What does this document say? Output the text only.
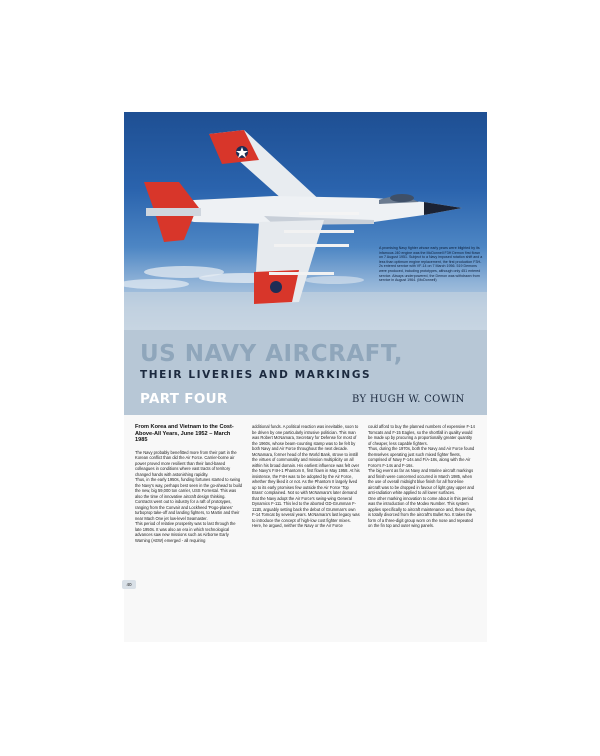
A promising Navy fighter whose early years were blighted by its infamous J40 engine was the McDonnell F3H Demon first flown on 7 August 1951. Subject to a Navy imposed rotation shift and a less than optimum engine replacement, the first production F3H-2s entered service with VF-14 on 7 March 1956. 519 Demons were produced, including prototypes, although only 451 entered service. Always underpowered, the Demon was withdrawn from service in August 1964. (McDonnell)
US NAVY AIRCRAFT,
THEIR LIVERIES AND MARKINGS
PART FOUR	BY HUGH W. COWIN
From Korea and Vietnam to the Cost-Above-All Years, June 1952 – March 1985

The Navy probably benefitted more from their part in the Korean conflict than did the Air Force. Carrier-borne air power proved more resilient than their land-based colleagues in conditions where vast tracts of territory changed hands with astonishing rapidity.

Thus, in the early 1950s, funding fortunes started to swing the Navy's way, perhaps best seen in the go-ahead to build the new, big 59,000 ton carrier, USS Forrestal. This was also the time of innovative aircraft design thinking. Contracts went out to industry for a raft of prototypes, ranging from the Convair and Lockheed 'Pogo-planes' turboprop take-off and landing fighters, to Martin and their near Mach One jet low-level Seamaster.

This period of relative prosperity was to last through the late 1950s. It was also an era in which technological advances saw new missions such as Airborne Early Warning (AEW) emerged - all requiring

additional funds. A political reaction was inevitable, soon to be driven by one particularly intrusive politician. This man was Robert McNamara, Secretary for Defense for most of the 1960s, whose beam-counting stamp was to be felt by both Navy and Air Force throughout the next decade. McNamara, former head of the World Bank, strove to instill the virtues of commonality and mission multiplicity on all within his broad domain. His earliest influence was felt over the Navy's F4H-1 Phantom II, first flown in May 1958. At his insistence, the F4H was to be adopted by the Air Force, whether they liked it or not. As the Phantom II largely lived up to its early promises few outside the Air Force 'Top Brass' complained. Not so with McNamara's later demand that the Navy adopt the Air Force's swing-wing General Dynamics F-111. This led to the aborted GD-Grumman F-111B, arguably setting back the debut of Grumman's own F-14 Tomcat by several years. McNamara's last legacy was to introduce the concept of high-low cost fighter mixes. Here, he argued, neither the Navy or the Air Force

could afford to buy the planned numbers of expensive F-14 Tomcats and F-15 Eagles, so the shortfall in quality would be made up by procuring a proportionally greater quantity of cheaper, less capable fighters.

Thus, during the 1970s, both the Navy and Air Force found themselves operating just such mixed fighter fleets, comprised of Navy F-14s and F/A-18s, along with the Air Force's F-14s and F-16s.

The big event as far as Navy and Marine aircraft markings and finish were concerned occurred in March 1985, when the use of overall midnight blue finish for all front-line aircraft was to be dropped in favour of light gray upper and anti-radiation white applied to all lower surfaces.

One other marking innovation to come about in this period was the introduction of the Modex Number. This system applies specifically to aircraft maintenance and, these days, is totally divorced from the aircraft's Bullet No. It takes the form of a three-digit group worn on the nose and repeated on the fin top and outer wing panels.

40
